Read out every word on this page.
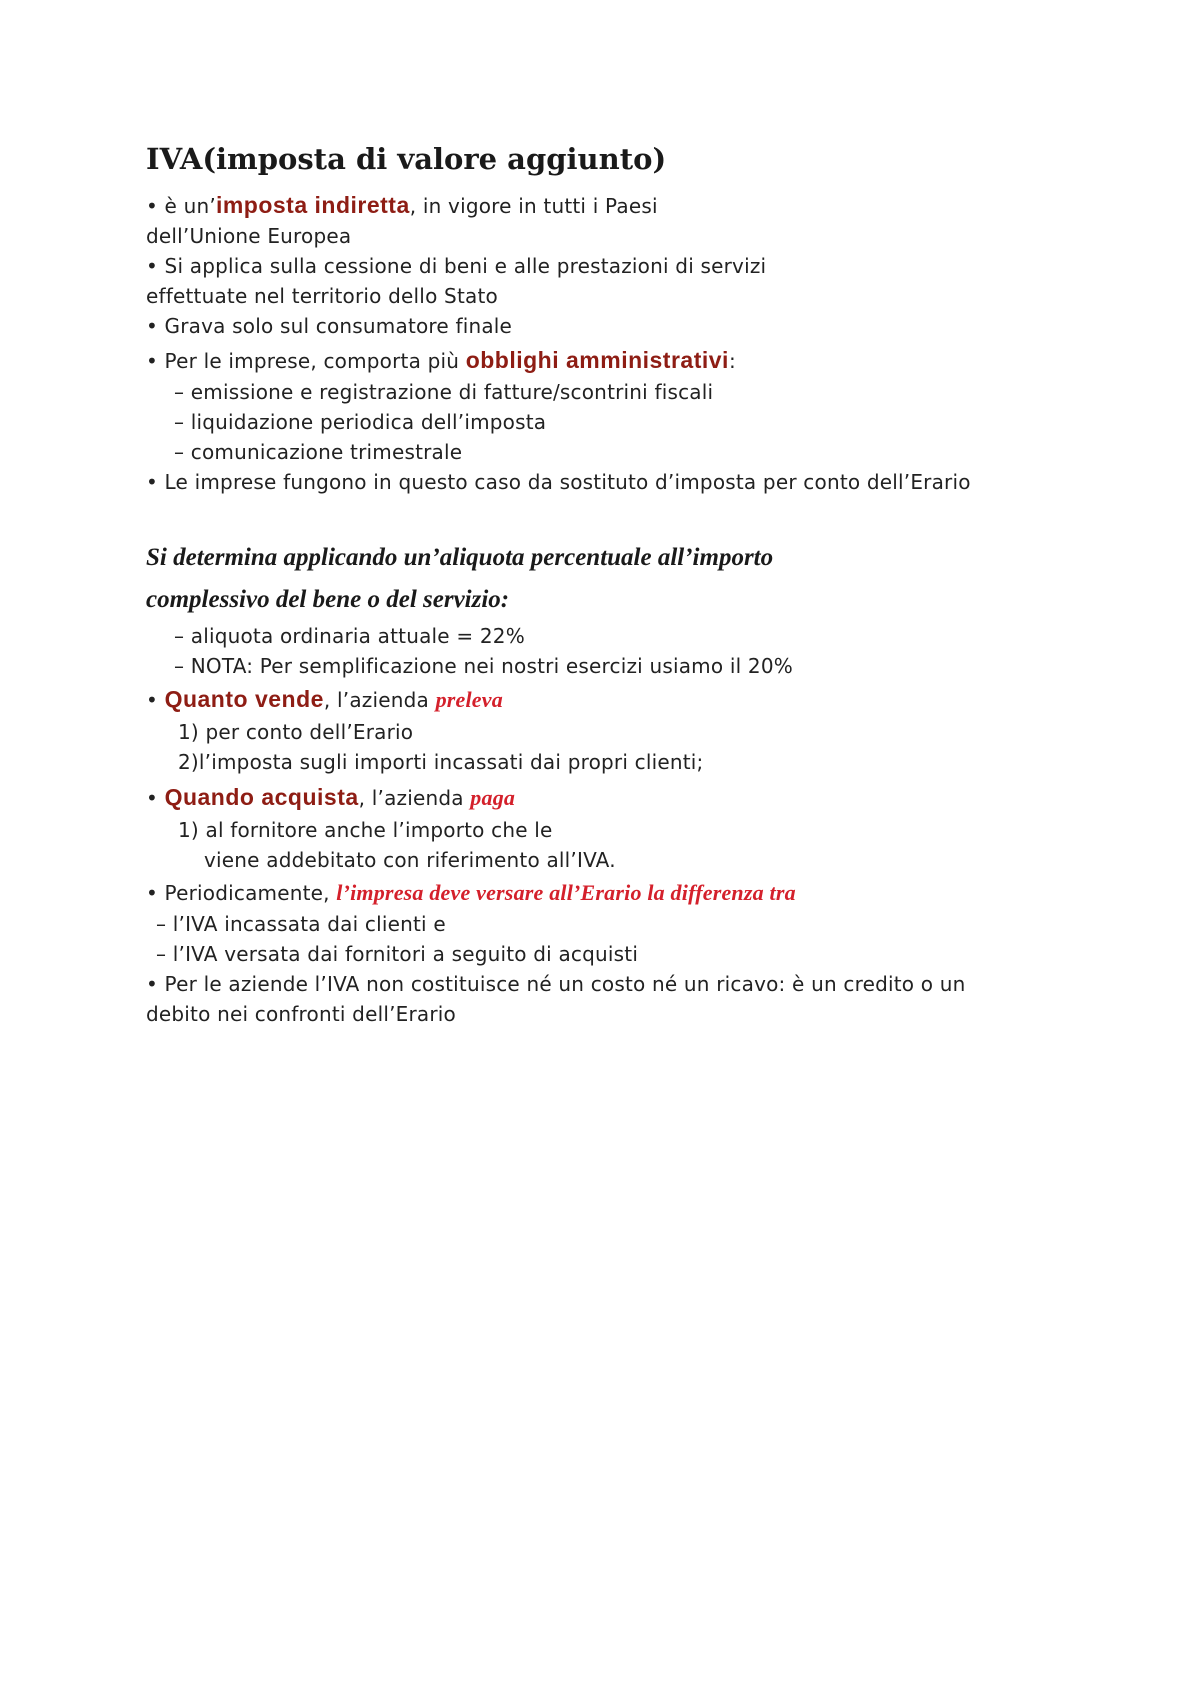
IVA(imposta di valore aggiunto)
• è un’imposta indiretta, in vigore in tutti i Paesi
dell’Unione Europea
• Si applica sulla cessione di beni e alle prestazioni di servizi
effettuate nel territorio dello Stato
• Grava solo sul consumatore finale
• Per le imprese, comporta più obblighi amministrativi:
– emissione e registrazione di fatture/scontrini fiscali
– liquidazione periodica dell’imposta
– comunicazione trimestrale
• Le imprese fungono in questo caso da sostituto d’imposta per conto dell’Erario
Si determina applicando un’aliquota percentuale all’importo
complessivo del bene o del servizio:
– aliquota ordinaria attuale = 22%
– NOTA: Per semplificazione nei nostri esercizi usiamo il 20%
• Quanto vende, l’azienda preleva
1) per conto dell’Erario
2)l’imposta sugli importi incassati dai propri clienti;
• Quando acquista, l’azienda paga
1) al fornitore anche l’importo che le
viene addebitato con riferimento all’IVA.
• Periodicamente, l’impresa deve versare all’Erario la differenza tra
– l’IVA incassata dai clienti e
– l’IVA versata dai fornitori a seguito di acquisti
• Per le aziende l’IVA non costituisce né un costo né un ricavo: è un credito o un
debito nei confronti dell’Erario
